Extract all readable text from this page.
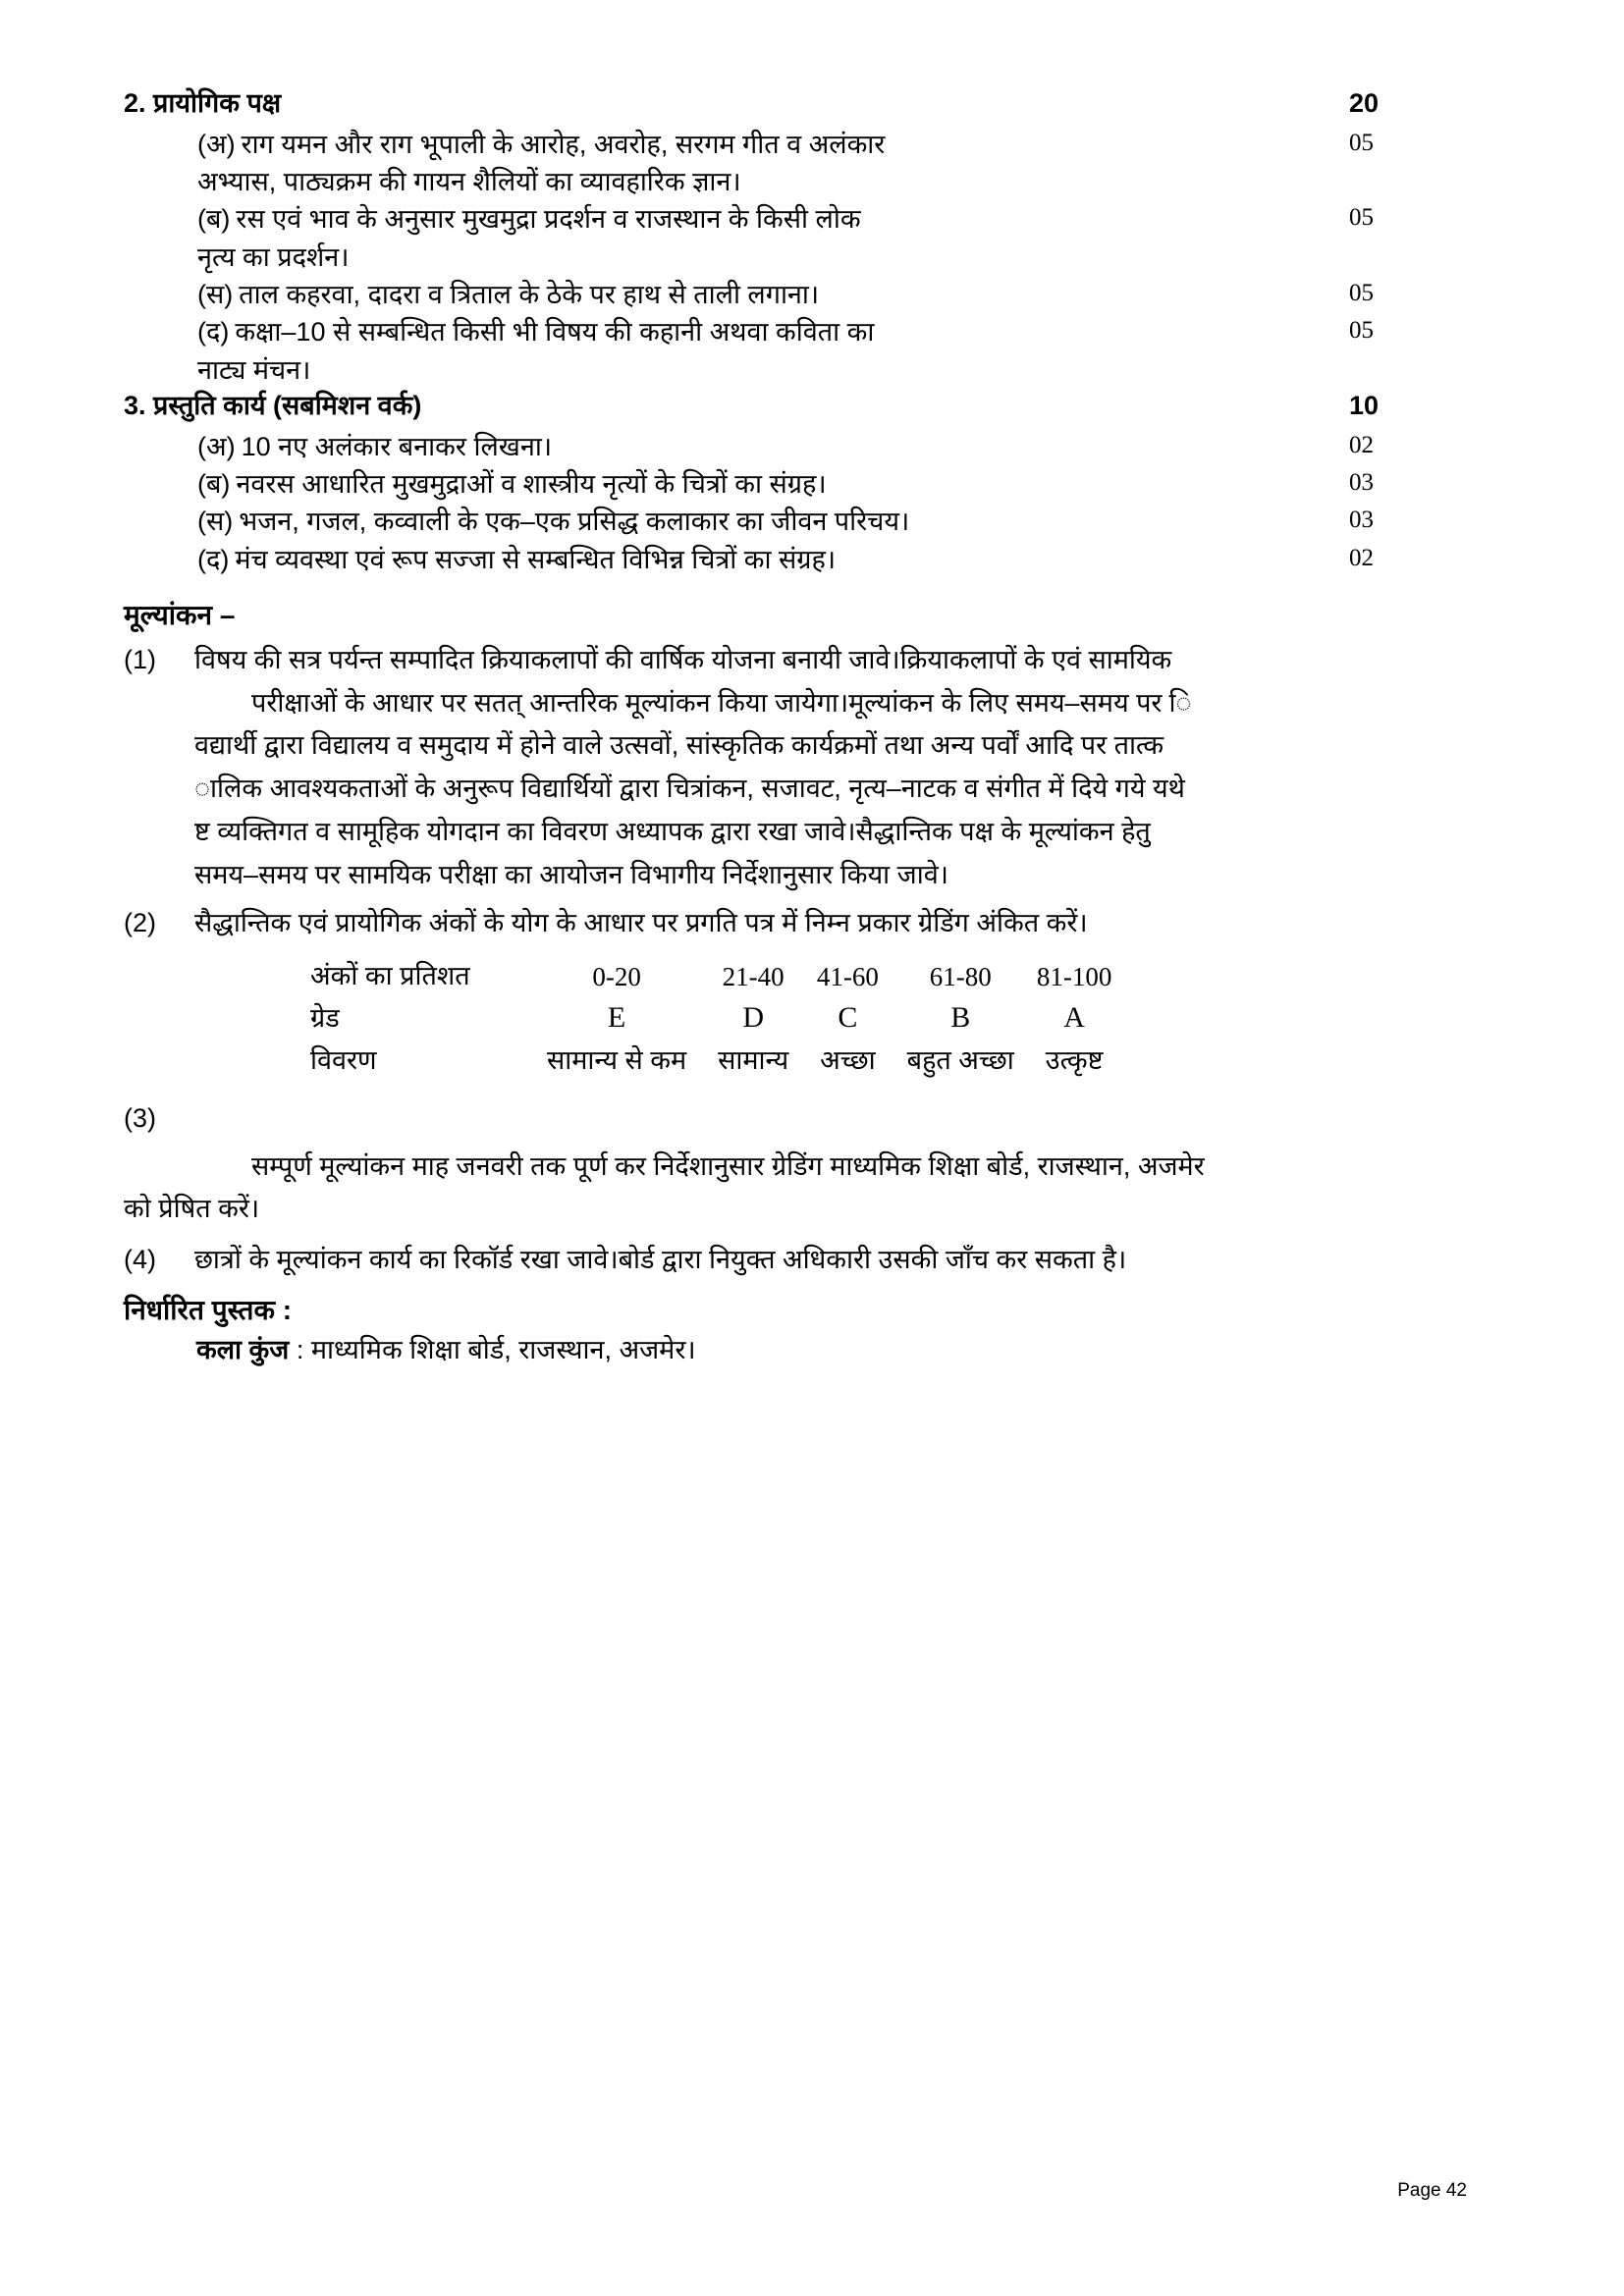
2. प्रायोगिक पक्ष	20
(अ) राग यमन और राग भूपाली के आरोह, अवरोह, सरगम गीत व अलंकार	05
अभ्यास, पाठ्यक्रम की गायन शैलियों का व्यावहारिक ज्ञान।
(ब) रस एवं भाव के अनुसार मुखमुद्रा प्रदर्शन व राजस्थान के किसी लोक	05
नृत्य का प्रदर्शन।
(स) ताल कहरवा, दादरा व त्रिताल के ठेके पर हाथ से ताली लगाना।	05
(द) कक्षा–10 से सम्बन्धित किसी भी विषय की कहानी अथवा कविता का	05
नाट्य मंचन।
3. प्रस्तुति कार्य (सबमिशन वर्क)	10
(अ) 10 नए अलंकार बनाकर लिखना।	02
(ब) नवरस आधारित मुखमुद्राओं व शास्त्रीय नृत्यों के चित्रों का संग्रह।	03
(स) भजन, गजल, कव्वाली के एक–एक प्रसिद्ध कलाकार का जीवन परिचय।	03
(द) मंच व्यवस्था एवं रूप सज्जा से सम्बन्धित विभिन्न चित्रों का संग्रह।	02
मूल्यांकन –
(1)	विषय की सत्र पर्यन्त सम्पादित क्रियाकलापों की वार्षिक योजना बनायी जावे।क्रियाकलापों के एवं सामयिक

परीक्षाओं के आधार पर सतत् आन्तरिक मूल्यांकन किया जायेगा।मूल्यांकन के लिए समय–समय पर ि

वद्यार्थी द्वारा विद्यालय व समुदाय में होने वाले उत्सवों, सांस्कृतिक कार्यक्रमों तथा अन्य पर्वों आदि पर तात्क

ालिक आवश्यकताओं के अनुरूप विद्यार्थियों द्वारा चित्रांकन, सजावट, नृत्य–नाटक व संगीत में दिये गये यथे

ष्ट व्यक्तिगत व सामूहिक योगदान का विवरण अध्यापक द्वारा रखा जावे।सैद्धान्तिक पक्ष के मूल्यांकन हेतु

समय–समय पर सामयिक परीक्षा का आयोजन विभागीय निर्देशानुसार किया जावे।

(2)	सैद्धान्तिक एवं प्रायोगिक अंकों के योग के आधार पर प्रगति पत्र में निम्न प्रकार ग्रेडिंग अंकित करें।

अंकों का प्रतिशत	0-20	21-40	41-60	61-80	81-100
ग्रेड	E	D	C	B	A
विवरण	सामान्य से कम	सामान्य	अच्छा	बहुत अच्छा	उत्कृष्ट
(3)
सम्पूर्ण मूल्यांकन माह जनवरी तक पूर्ण कर निर्देशानुसार ग्रेडिंग माध्यमिक शिक्षा बोर्ड, राजस्थान, अजमेर
को प्रेषित करें।
(4)	छात्रों के मूल्यांकन कार्य का रिकॉर्ड रखा जावे।बोर्ड द्वारा नियुक्त अधिकारी उसकी जाँच कर सकता है।

निर्धारित पुस्तक :
कला कुंज : माध्यमिक शिक्षा बोर्ड, राजस्थान, अजमेर।
Page 42
